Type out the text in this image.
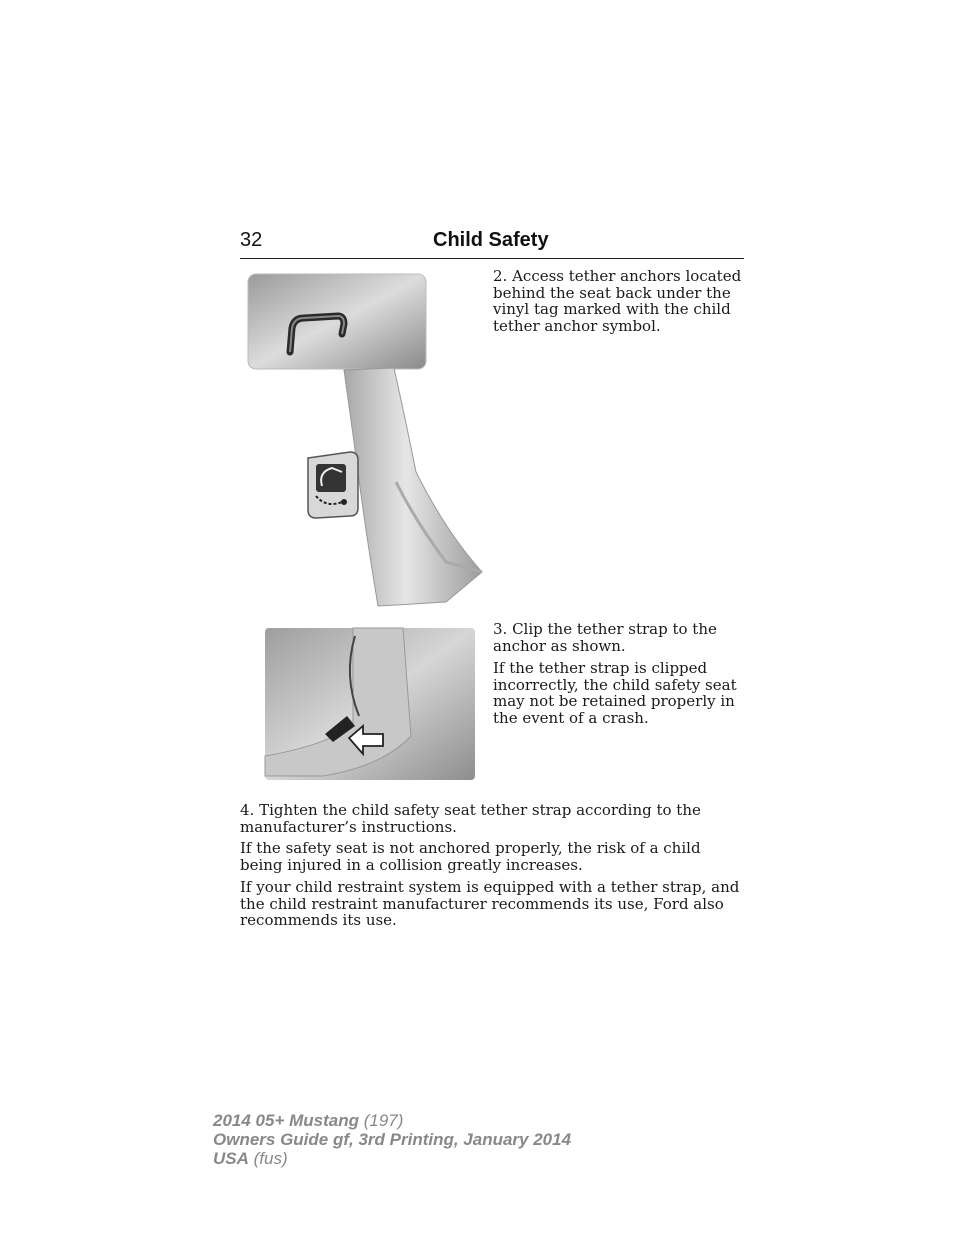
32	Child Safety

2. Access tether anchors located behind the seat back under the vinyl tag marked with the child tether anchor symbol.

3. Clip the tether strap to the anchor as shown.

If the tether strap is clipped incorrectly, the child safety seat may not be retained properly in the event of a crash.

4. Tighten the child safety seat tether strap according to the manufacturer’s instructions.

If the safety seat is not anchored properly, the risk of a child being injured in a collision greatly increases.

If your child restraint system is equipped with a tether strap, and the child restraint manufacturer recommends its use, Ford also recommends its use.

2014 05+ Mustang (197)
Owners Guide gf, 3rd Printing, January 2014
USA (fus)
